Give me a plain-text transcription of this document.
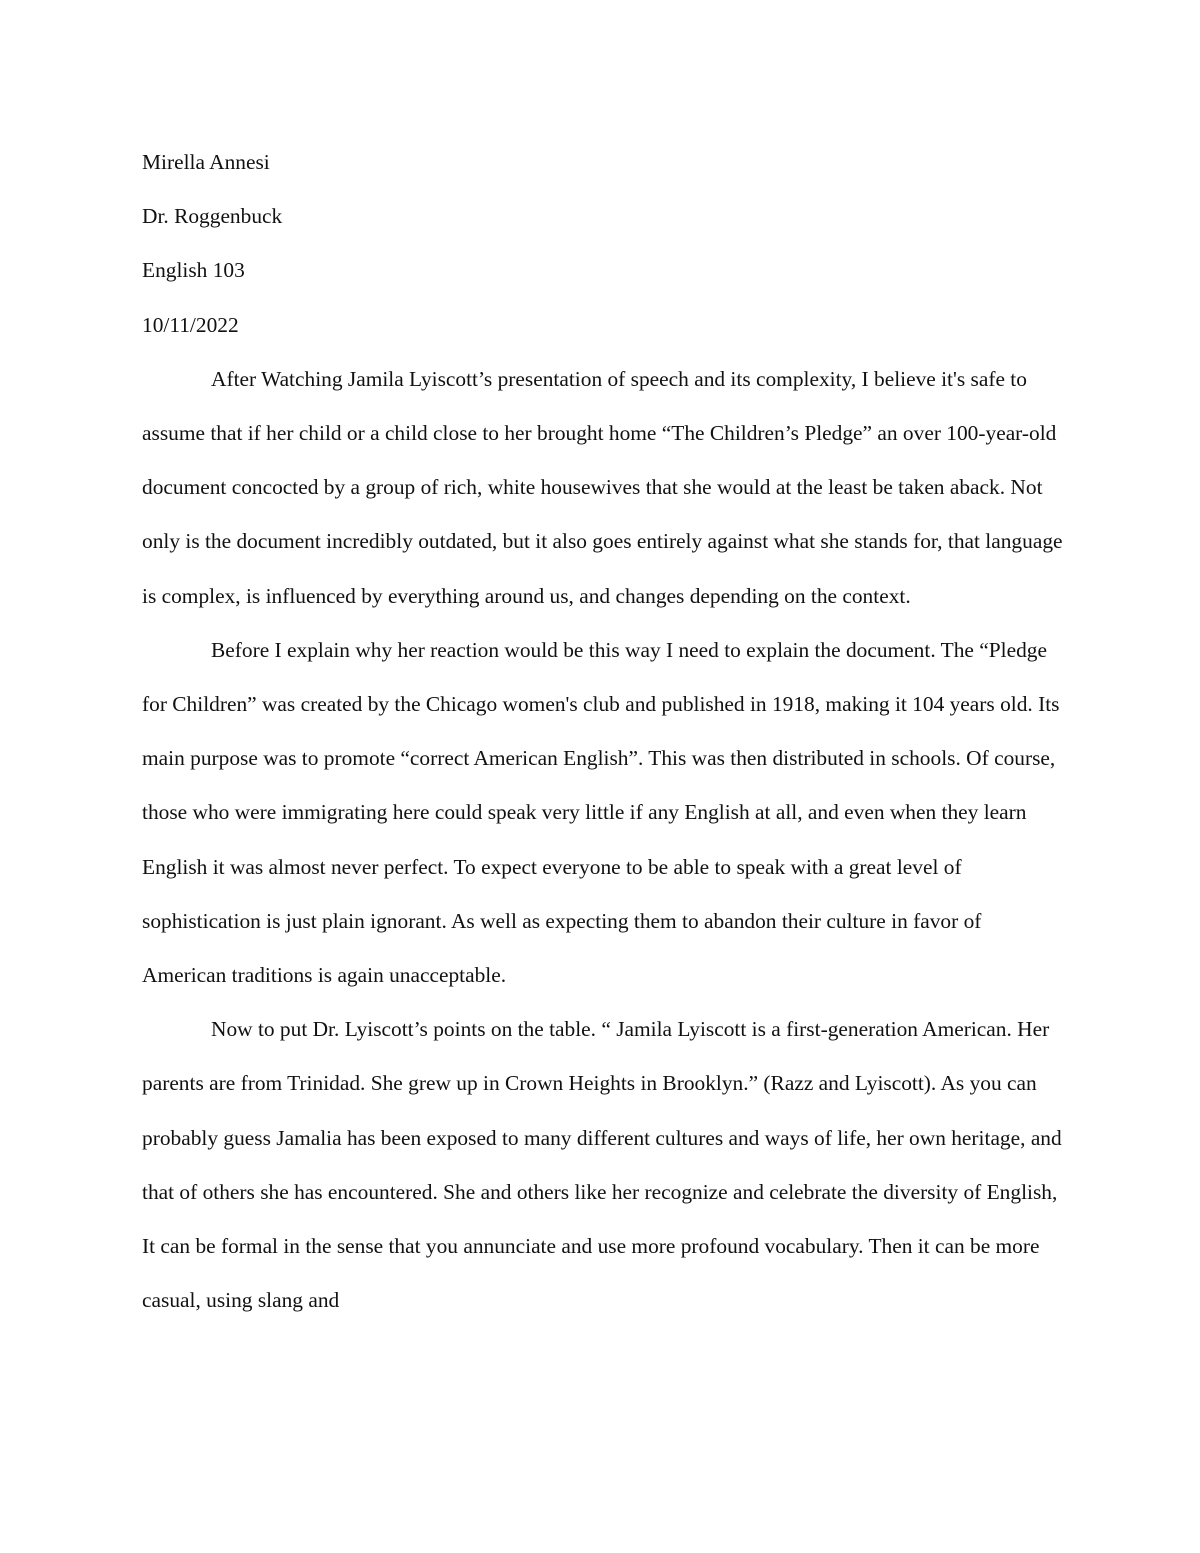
Mirella Annesi

Dr. Roggenbuck

English 103

10/11/2022

After Watching Jamila Lyiscott’s presentation of speech and its complexity, I believe it's safe to assume that if her child or a child close to her brought home “The Children’s Pledge” an over 100-year-old document concocted by a group of rich, white housewives that she would at the least be taken aback. Not only is the document incredibly outdated, but it also goes entirely against what she stands for, that language is complex, is influenced by everything around us, and changes depending on the context.

Before I explain why her reaction would be this way I need to explain the document. The “Pledge for Children” was created by the Chicago women's club and published in 1918, making it 104 years old. Its main purpose was to promote “correct American English”. This was then distributed in schools. Of course, those who were immigrating here could speak very little if any English at all, and even when they learn English it was almost never perfect. To expect everyone to be able to speak with a great level of sophistication is just plain ignorant. As well as expecting them to abandon their culture in favor of American traditions is again unacceptable.

Now to put Dr. Lyiscott’s points on the table. “ Jamila Lyiscott is a first-generation American. Her parents are from Trinidad. She grew up in Crown Heights in Brooklyn.” (Razz and Lyiscott). As you can probably guess Jamalia has been exposed to many different cultures and ways of life, her own heritage, and that of others she has encountered. She and others like her recognize and celebrate the diversity of English, It can be formal in the sense that you annunciate and use more profound vocabulary. Then it can be more casual, using slang and
